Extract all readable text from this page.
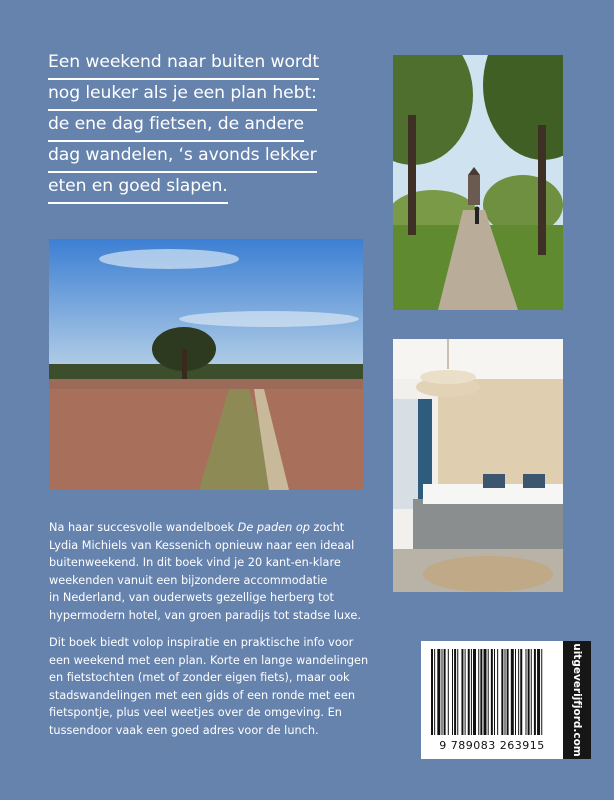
Een weekend naar buiten wordt
nog leuker als je een plan hebt:
de ene dag fietsen, de andere
dag wandelen, ‘s avonds lekker
eten en goed slapen.

Na haar succesvolle wandelboek De paden op zocht
Lydia Michiels van Kessenich opnieuw naar een ideaal
buitenweekend. In dit boek vind je 20 kant-en-klare
weekenden vanuit een bijzondere accommodatie
in Nederland, van ouderwets gezellige herberg tot
hypermodern hotel, van groen paradijs tot stadse luxe.

Dit boek biedt volop inspiratie en praktische info voor
een weekend met een plan. Korte en lange wandelingen
en fietstochten (met of zonder eigen fiets), maar ook
stadswandelingen met een gids of een ronde met een
fietspontje, plus veel weetjes over de omgeving. En
tussendoor vaak een goed adres voor de lunch.

9 789083 263915	uitgeverijfjord.com
